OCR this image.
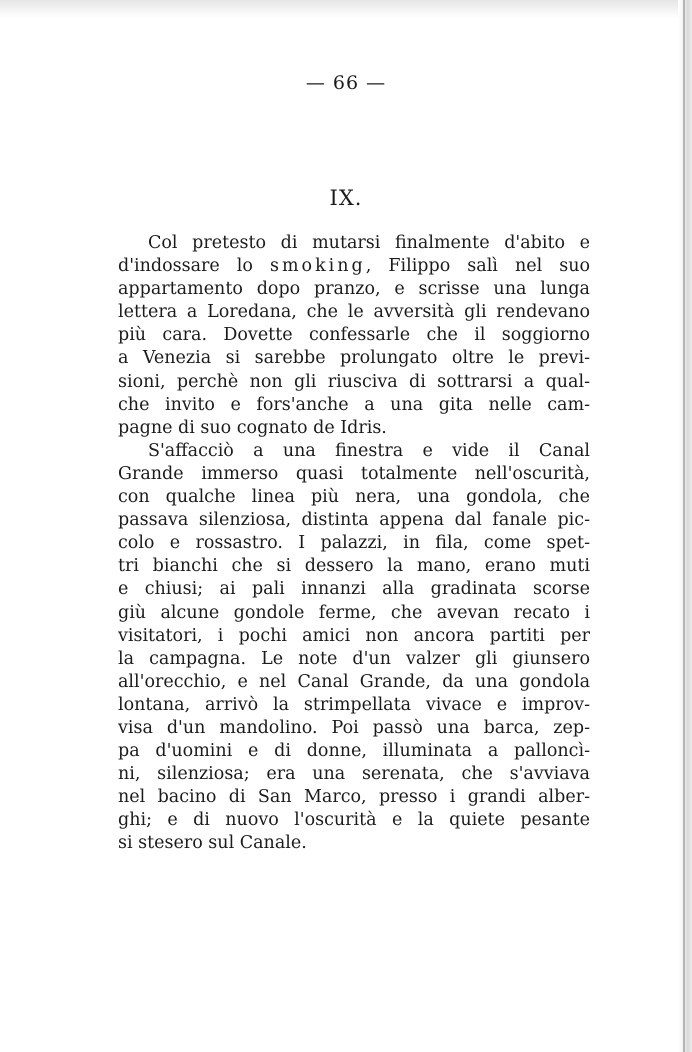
— 66 —
IX.

Col pretesto di mutarsi finalmente d'abito e
d'indossare lo smoking, Filippo salì nel suo
appartamento dopo pranzo, e scrisse una lunga
lettera a Loredana, che le avversità gli rendevano
più cara. Dovette confessarle che il soggiorno
a Venezia si sarebbe prolungato oltre le previ-
sioni, perchè non gli riusciva di sottrarsi a qual-
che invito e fors'anche a una gita nelle cam-
pagne di suo cognato de Idris.

S'affacciò a una finestra e vide il Canal
Grande immerso quasi totalmente nell'oscurità,
con qualche linea più nera, una gondola, che
passava silenziosa, distinta appena dal fanale pic-
colo e rossastro. I palazzi, in fila, come spet-
tri bianchi che si dessero la mano, erano muti
e chiusi; ai pali innanzi alla gradinata scorse
giù alcune gondole ferme, che avevan recato i
visitatori, i pochi amici non ancora partiti per
la campagna. Le note d'un valzer gli giunsero
all'orecchio, e nel Canal Grande, da una gondola
lontana, arrivò la strimpellata vivace e improv-
visa d'un mandolino. Poi passò una barca, zep-
pa d'uomini e di donne, illuminata a palloncì-
ni, silenziosa; era una serenata, che s'avviava
nel bacino di San Marco, presso i grandi alber-
ghi; e di nuovo l'oscurità e la quiete pesante
si stesero sul Canale.
